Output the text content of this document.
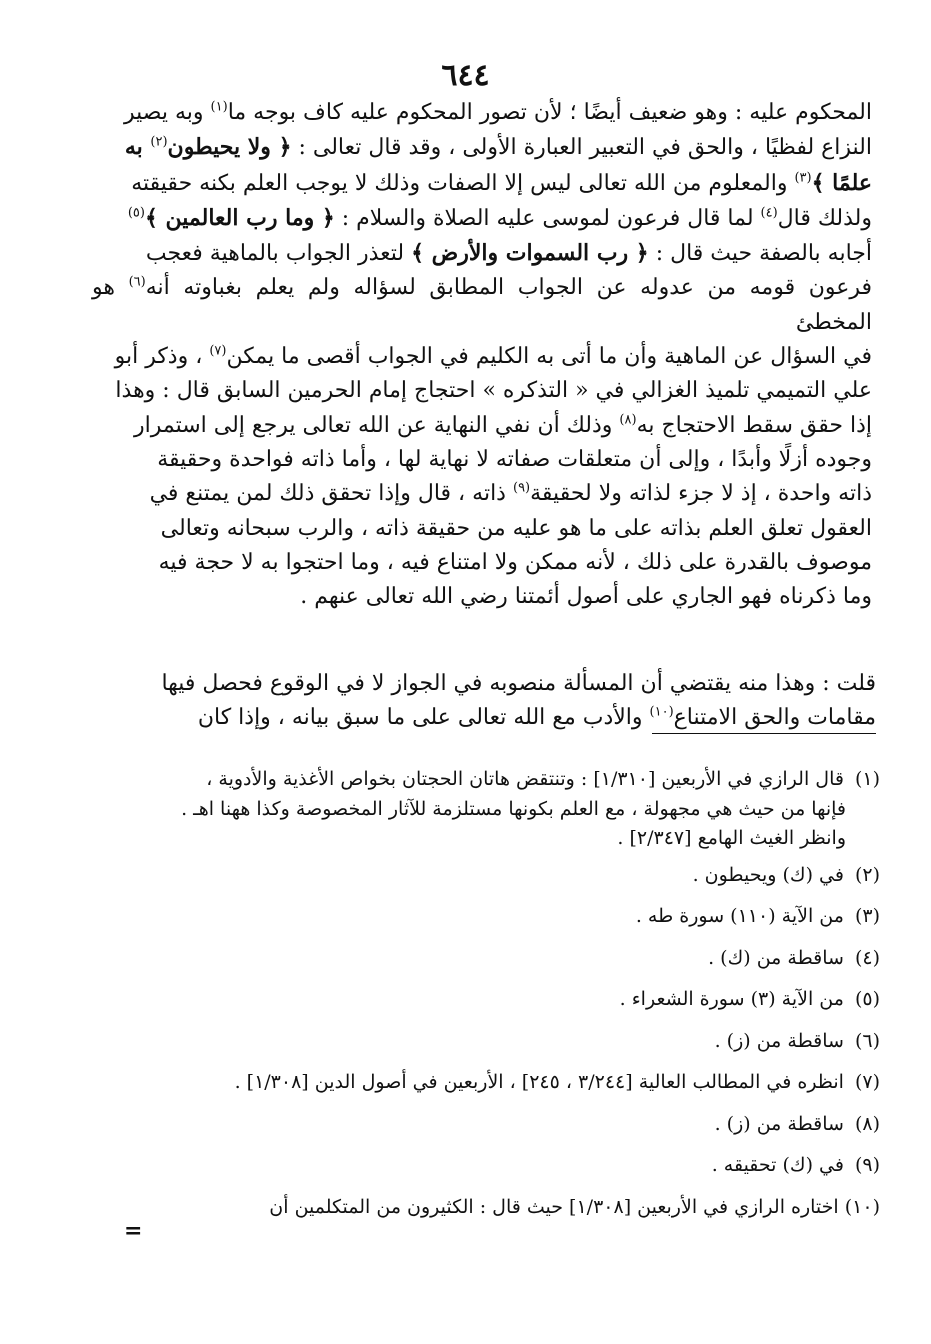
٦٤٤

المحكوم عليه : وهو ضعيف أيضًا ؛ لأن تصور المحكوم عليه كاف بوجه ما$^{(١)}$ وبه يصير

النزاع لفظيًا ، والحق في التعبير العبارة الأولى ، وقد قال تعالى : ﴿ ولا يحيطون$^{(٢)}$ به

علمًا ﴾$^{(٣)}$ والمعلوم من الله تعالى ليس إلا الصفات وذلك لا يوجب العلم بكنه حقيقته

ولذلك قال$^{(٤)}$ لما قال فرعون لموسى عليه الصلاة والسلام : ﴿ وما رب العالمين ﴾$^{(٥)}$

أجابه بالصفة حيث قال : ﴿ رب السموات والأرض ﴾ لتعذر الجواب بالماهية فعجب

فرعون قومه من عدوله عن الجواب المطابق لسؤاله ولم يعلم بغباوته أنه$^{(٦)}$ هو المخطئ

في السؤال عن الماهية وأن ما أتى به الكليم في الجواب أقصى ما يمكن$^{(٧)}$ ، وذكر أبو

علي التميمي تلميذ الغزالي في « التذكره » احتجاج إمام الحرمين السابق قال : وهذا

إذا حقق سقط الاحتجاج به$^{(٨)}$ وذلك أن نفي النهاية عن الله تعالى يرجع إلى استمرار

وجوده أزلًا وأبدًا ، وإلى أن متعلقات صفاته لا نهاية لها ، وأما ذاته فواحدة وحقيقة

ذاته واحدة ، إذ لا جزء لذاته ولا لحقيقة$^{(٩)}$ ذاته ، قال وإذا تحقق ذلك لمن يمتنع في

العقول تعلق العلم بذاته على ما هو عليه من حقيقة ذاته ، والرب سبحانه وتعالى

موصوف بالقدرة على ذلك ، لأنه ممكن ولا امتناع فيه ، وما احتجوا به لا حجة فيه

وما ذكرناه فهو الجاري على أصول أئمتنا رضي الله تعالى عنهم .

قلت : وهذا منه يقتضي أن المسألة منصوبه في الجواز لا في الوقوع فحصل فيها

مقامات والحق الامتناع$^{(١٠)}$ والأدب مع الله تعالى على ما سبق بيانه ، وإذا كان

(١) قال الرازي في الأربعين [١/٣١٠] : وتنتقض هاتان الحجتان بخواص الأغذية والأدوية ،
فإنها من حيث هي مجهولة ، مع العلم بكونها مستلزمة للآثار المخصوصة وكذا ههنا اهـ .
وانظر الغيث الهامع [٢/٣٤٧] .
(٢) في (ك) ويحيطون .
(٣) من الآية (١١٠) سورة طه .
(٤) ساقطة من (ك) .
(٥) من الآية (٣) سورة الشعراء .
(٦) ساقطة من (ز) .
(٧) انظره في المطالب العالية [٣/٢٤٤ ، ٢٤٥] ، الأربعين في أصول الدين [١/٣٠٨] .
(٨) ساقطة من (ز) .
(٩) في (ك) تحقيقه .
(١٠) اختاره الرازي في الأربعين [١/٣٠٨] حيث قال : الكثيرون من المتكلمين أن
=
